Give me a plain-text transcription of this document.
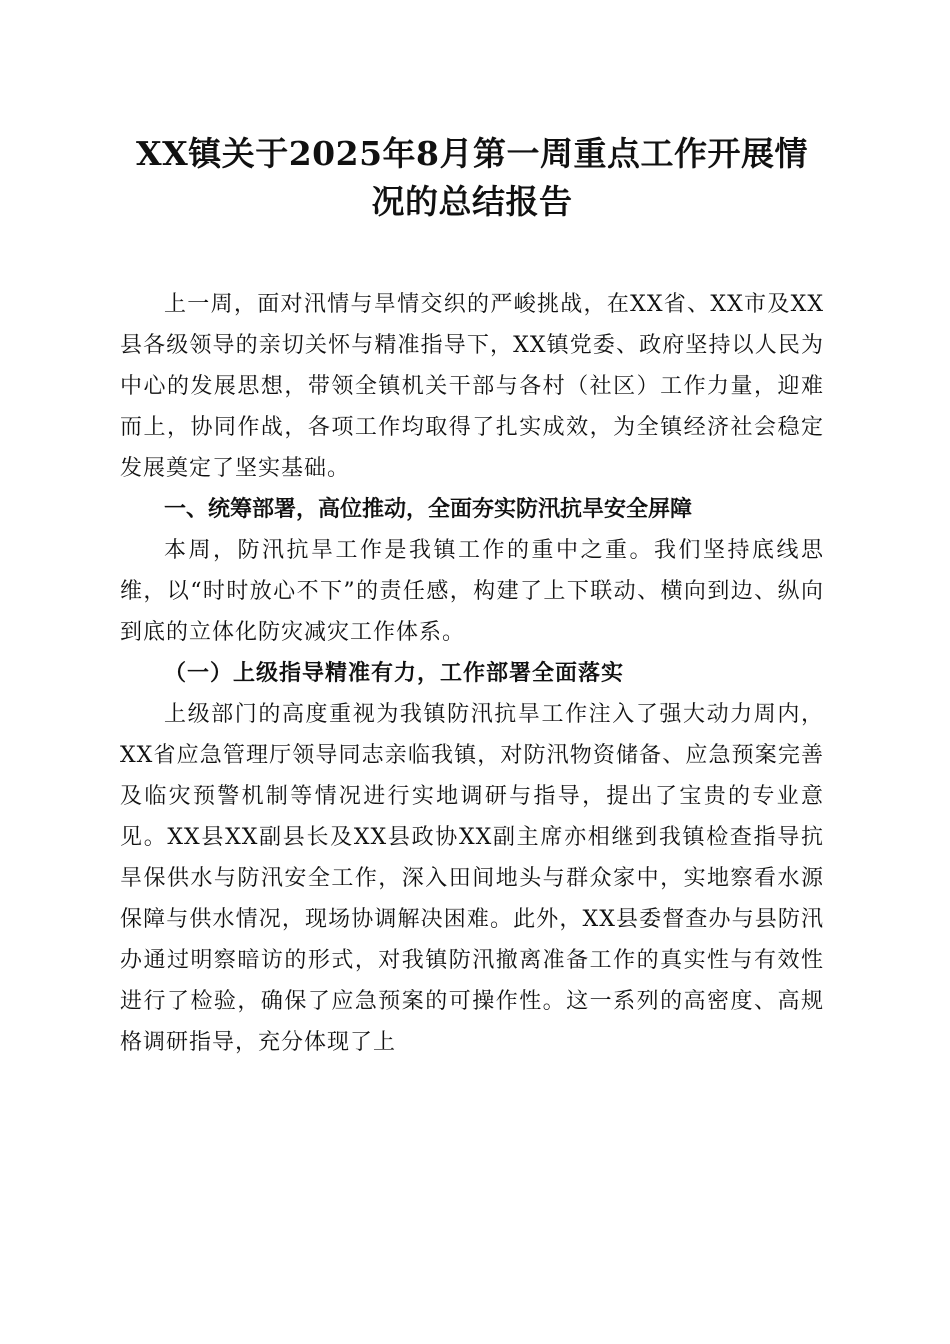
XX镇关于2025年8月第一周重点工作开展情况的总结报告

上一周，面对汛情与旱情交织的严峻挑战，在XX省、XX市及XX县各级领导的亲切关怀与精准指导下，XX镇党委、政府坚持以人民为中心的发展思想，带领全镇机关干部与各村（社区）工作力量，迎难而上，协同作战，各项工作均取得了扎实成效，为全镇经济社会稳定发展奠定了坚实基础。

一、统筹部署，高位推动，全面夯实防汛抗旱安全屏障

本周，防汛抗旱工作是我镇工作的重中之重。我们坚持底线思维，以“时时放心不下”的责任感，构建了上下联动、横向到边、纵向到底的立体化防灾减灾工作体系。

（一）上级指导精准有力，工作部署全面落实

上级部门的高度重视为我镇防汛抗旱工作注入了强大动力周内，XX省应急管理厅领导同志亲临我镇，对防汛物资储备、应急预案完善及临灾预警机制等情况进行实地调研与指导，提出了宝贵的专业意见。XX县XX副县长及XX县政协XX副主席亦相继到我镇检查指导抗旱保供水与防汛安全工作，深入田间地头与群众家中，实地察看水源保障与供水情况，现场协调解决困难。此外，XX县委督查办与县防汛办通过明察暗访的形式，对我镇防汛撤离准备工作的真实性与有效性进行了检验，确保了应急预案的可操作性。这一系列的高密度、高规格调研指导，充分体现了上
